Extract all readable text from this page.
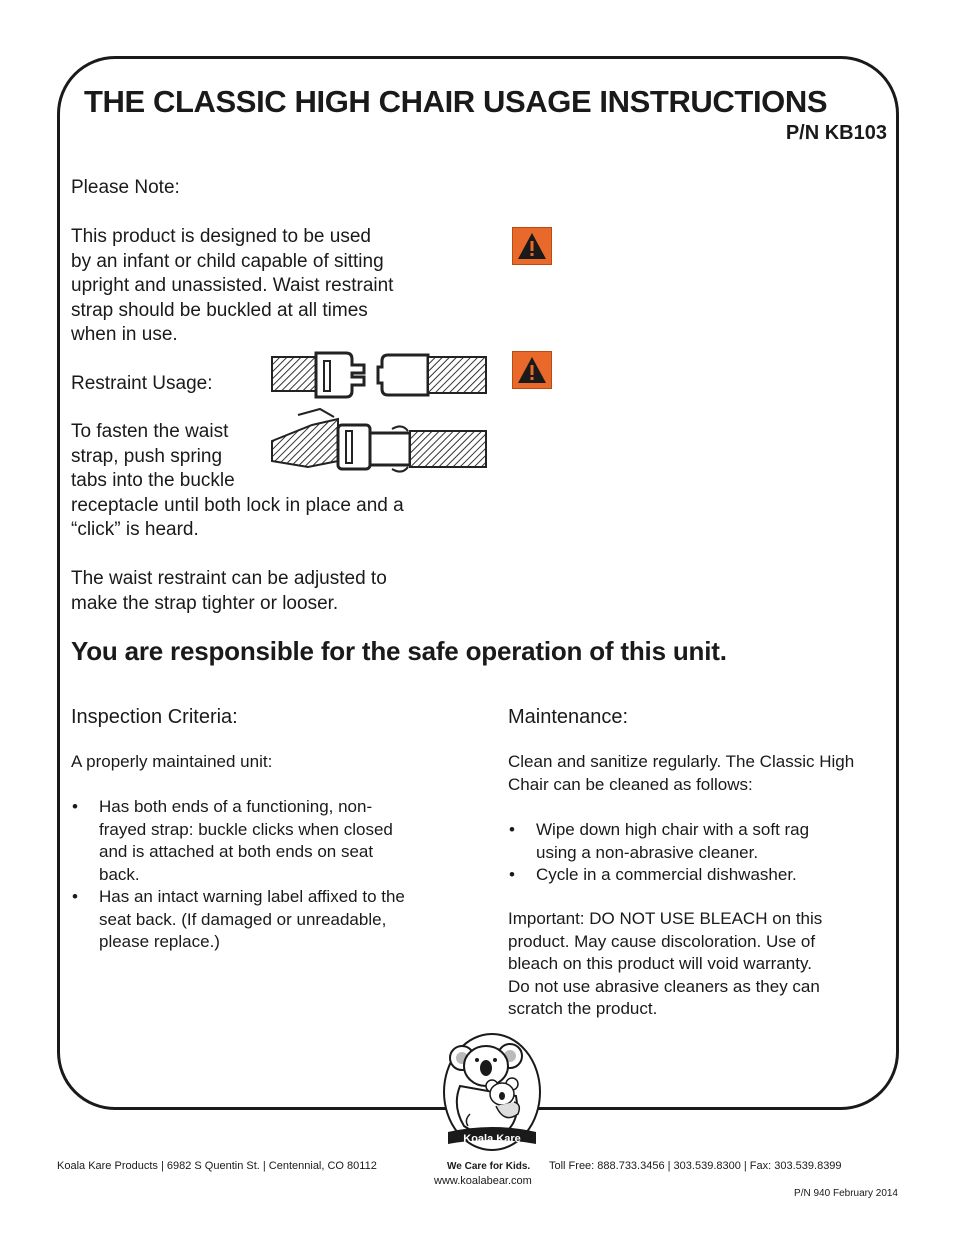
THE CLASSIC HIGH CHAIR USAGE INSTRUCTIONS
P/N KB103
Please Note:
This product is designed to be used
by an infant or child capable of sitting
upright and unassisted. Waist restraint
strap should be buckled at all times
when in use.
Restraint Usage:
To fasten the waist
strap, push spring
tabs into the buckle
receptacle until both lock in place and a
“click” is heard.
The waist restraint can be adjusted to
make the strap tighter or looser.
You are responsible for the safe operation of this unit.
Inspection Criteria:
A properly maintained unit:
• Has both ends of a functioning, non-
frayed strap: buckle clicks when closed
and is attached at both ends on seat
back.
• Has an intact warning label affixed to the
seat back. (If damaged or unreadable,
please replace.)
Maintenance:
Clean and sanitize regularly. The Classic High
Chair can be cleaned as follows:
• Wipe down high chair with a soft rag
using a non-abrasive cleaner.
• Cycle in a commercial dishwasher.
Important: DO NOT USE BLEACH on this
product. May cause discoloration. Use of
bleach on this product will void warranty.
Do not use abrasive cleaners as they can
scratch the product.
Koala Kare
Koala Kare Products | 6982 S Quentin St. | Centennial, CO 80112	We Care for Kids. Toll Free: 888.733.3456 | 303.539.8300 | Fax: 303.539.8399
www.koalabear.com
P/N 940 February 2014
